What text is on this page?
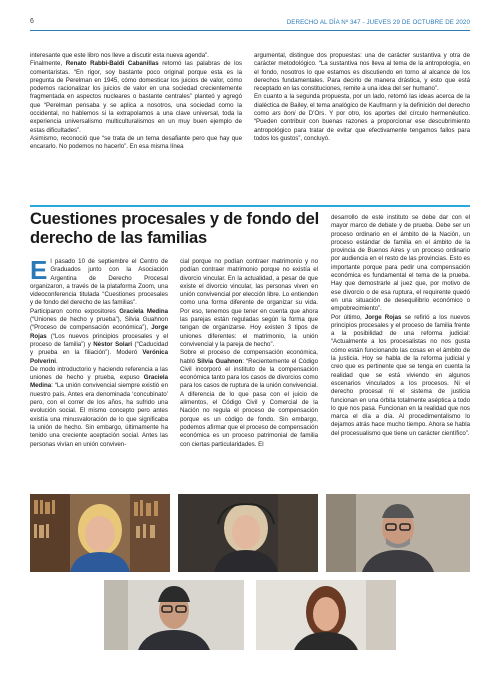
6	DERECHO AL DÍA Nº 347 - JUEVES 29 DE OCTUBRE DE 2020

interesante que este libro nos lleve a discutir esta nueva agenda”.

Finalmente, Renato Rabbi-Baldi Cabanillas retomó las palabras de los comentaristas. “En rigor, soy bastante poco original porque esta es la pregunta de Perelman en 1945, cómo domesticar los juicios de valor, cómo podemos racionalizar los juicios de valor en una sociedad crecientemente fragmentada en aspectos nucleares o bastante centrales” planteó y agregó que “Perelman pensaba y se aplica a nosotros, una sociedad como la occidental, no hablemos si la extrapolamos a una clave universal, toda la experiencia universalismo multiculturalismos en un muy buen ejemplo de estas dificultades”.

Asimismo, reconoció que “se trata de un tema desafiante pero que hay que encararlo. No podemos no hacerlo”. En esa misma línea

argumental, distingue dos propuestas: una de carácter sustantiva y otra de carácter metodológico. “La sustantiva nos lleva al tema de la antropología, en el fondo, nosotros lo que estamos es discutiendo en torno al alcance de los derechos fundamentales. Para decirlo de manera drástica, y esto que está receptado en las constituciones, remite a una idea del ser humano”.

En cuanto a la segunda propuesta, por un lado, retomó las ideas acerca de la dialéctica de Bailey, el tema analógico de Kaufmann y la definición del derecho como ars boni de D’Ors. Y por otro, los aportes del círculo hermenéutico. “Pueden contribuir con buenas razones a proporcionar ese descubrimiento antropológico para tratar de evitar que efectivamente tengamos fallos para todos los gustos”, concluyó.

Cuestiones procesales y de fondo del derecho de las familias

El pasado 10 de septiembre el Centro de Graduados junto con la Asociación Argentina de Derecho Procesal organizaron, a través de la plataforma Zoom, una videoconferencia titulada “Cuestiones procesales y de fondo del derecho de las familias”.

Participaron como expositores Graciela Medina (“Uniones de hecho y prueba”), Silvia Guahnon (“Proceso de compensación económica”), Jorge Rojas (“Los nuevos principios procesales y el proceso de familia”) y Néstor Solari (“Caducidad y prueba en la filiación”). Moderó Verónica Polverini.

De modo introductorio y haciendo referencia a las uniones de hecho y prueba, expuso Graciela Medina: “La unión convivencial siempre existió en nuestro país. Antes era denominada ‘concubinato’ pero, con el correr de los años, ha sufrido una evolución social. El mismo concepto pero antes existía una minusvaloración de lo que significaba la unión de hecho. Sin embargo, últimamente ha tenido una creciente aceptación social. Antes las personas vivían en unión conviven-

cial porque no podían contraer matrimonio y no podían contraer matrimonio porque no existía el divorcio vincular. En la actualidad, a pesar de que existe el divorcio vincular, las personas viven en unión convivencial por elección libre. Lo entienden como una forma diferente de organizar su vida. Por eso, tenemos que tener en cuenta que ahora las parejas están reguladas según la forma que tengan de organizarse. Hoy existen 3 tipos de uniones diferentes: el matrimonio, la unión convivencial y la pareja de hecho”.

Sobre el proceso de compensación económica, habló Silvia Guahnon: “Recientemente el Código Civil incorporó el instituto de la compensación económica tanto para los casos de divorcios como para los casos de ruptura de la unión convivencial. A diferencia de lo que pasa con el juicio de alimentos, el Código Civil y Comercial de la Nación no regula el proceso de compensación porque es un código de fondo. Sin embargo, podemos afirmar que el proceso de compensación económica es un proceso patrimonial de familia con ciertas particularidades. El

desarrollo de este instituto se debe dar con el mayor marco de debate y de prueba. Debe ser un proceso ordinario en el ámbito de la Nación, un proceso estándar de familia en el ámbito de la provincia de Buenos Aires y un proceso ordinario por audiencia en el resto de las provincias. Esto es importante porque para pedir una compensación económica es fundamental el tema de la prueba. Hay que demostrarle al juez que, por motivo de ese divorcio o de esa ruptura, el requirente quedó en una situación de desequilibrio económico o empobrecimiento”.

Por último, Jorge Rojas se refirió a los nuevos principios procesales y el proceso de familia frente a la posibilidad de una reforma judicial: “Actualmente a los procesalistas no nos gusta cómo están funcionando las cosas en el ámbito de la justicia. Hoy se habla de la reforma judicial y creo que es pertinente que se tenga en cuenta la realidad que se está viviendo en algunos escenarios vinculados a los procesos. Ni el derecho procesal ni el sistema de justicia funcionan en una órbita totalmente aséptica a todo lo que nos pasa. Funcionan en la realidad que nos marca el día a día. Al procedimentalismo lo dejamos atrás hace mucho tiempo. Ahora se habla del procesualismo que tiene un carácter científico”.
